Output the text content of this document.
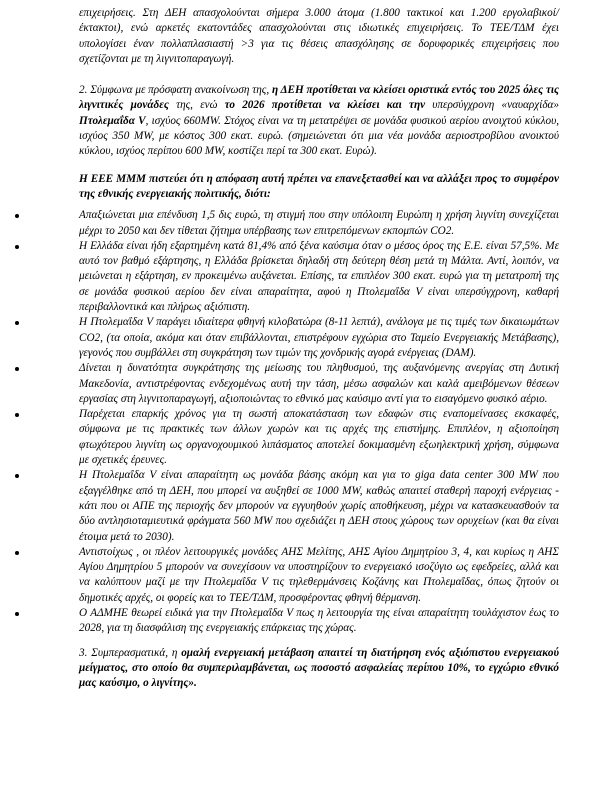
επιχειρήσεις. Στη ΔΕΗ απασχολούνται σήμερα 3.000 άτομα (1.800 τακτικοί και 1.200 εργολαβικοί/έκτακτοι), ενώ αρκετές εκατοντάδες απασχολούνται στις ιδιωτικές επιχειρήσεις. Το ΤΕΕ/ΤΔΜ έχει υπολογίσει έναν πολλαπλασιαστή >3 για τις θέσεις απασχόλησης σε δορυφορικές επιχειρήσεις που σχετίζονται με τη λιγνιτοπαραγωγή.

2. Σύμφωνα με πρόσφατη ανακοίνωση της, η ΔΕΗ προτίθεται να κλείσει οριστικά εντός του 2025 όλες τις λιγνιτικές μονάδες της, ενώ το 2026 προτίθεται να κλείσει και την υπερσύγχρονη «ναυαρχίδα» Πτολεμαΐδα V, ισχύος 660MW. Στόχος είναι να τη μετατρέψει σε μονάδα φυσικού αερίου ανοιχτού κύκλου, ισχύος 350 MW, με κόστος 300 εκατ. ευρώ. (σημειώνεται ότι μια νέα μονάδα αεριοστροβίλου ανοικτού κύκλου, ισχύος περίπου 600 MW, κοστίζει περί τα 300 εκατ. Ευρώ).

Η ΕΕΕ ΜΜΜ πιστεύει ότι η απόφαση αυτή πρέπει να επανεξετασθεί και να αλλάξει προς το συμφέρον της εθνικής ενεργειακής πολιτικής, διότι:

Απαξιώνεται μια επένδυση 1,5 δις ευρώ, τη στιγμή που στην υπόλοιπη Ευρώπη η χρήση λιγνίτη συνεχίζεται μέχρι το 2050 και δεν τίθεται ζήτημα υπέρβασης των επιτρεπόμενων εκπομπών CO2.
Η Ελλάδα είναι ήδη εξαρτημένη κατά 81,4% από ξένα καύσιμα όταν ο μέσος όρος της Ε.Ε. είναι 57,5%. Με αυτό τον βαθμό εξάρτησης, η Ελλάδα βρίσκεται δηλαδή στη δεύτερη θέση μετά τη Μάλτα. Αντί, λοιπόν, να μειώνεται η εξάρτηση, εν προκειμένω αυξάνεται. Επίσης, τα επιπλέον 300 εκατ. ευρώ για τη μετατροπή της σε μονάδα φυσικού αερίου δεν είναι απαραίτητα, αφού η Πτολεμαΐδα V είναι υπερσύγχρονη, καθαρή περιβαλλοντικά και πλήρως αξιόπιστη.
Η Πτολεμαΐδα V παράγει ιδιαίτερα φθηνή κιλοβατώρα (8-11 λεπτά), ανάλογα με τις τιμές των δικαιωμάτων CO2, (τα οποία, ακόμα και όταν επιβάλλονται, επιστρέφουν εγχώρια στο Ταμείο Ενεργειακής Μετάβασης), γεγονός που συμβάλλει στη συγκράτηση των τιμών της χονδρικής αγορά ενέργειας (DAM).
Δίνεται η δυνατότητα συγκράτησης της μείωσης του πληθυσμού, της αυξανόμενης ανεργίας στη Δυτική Μακεδονία, αντιστρέφοντας ενδεχομένως αυτή την τάση, μέσω ασφαλών και καλά αμειβόμενων θέσεων εργασίας στη λιγνιτοπαραγωγή, αξιοποιώντας το εθνικό μας καύσιμο αντί για το εισαγόμενο φυσικό αέριο.
Παρέχεται επαρκής χρόνος για τη σωστή αποκατάσταση των εδαφών στις εναπομείνασες εκσκαφές, σύμφωνα με τις πρακτικές των άλλων χωρών και τις αρχές της επιστήμης. Επιπλέον, η αξιοποίηση φτωχότερου λιγνίτη ως οργανοχουμικού λιπάσματος αποτελεί δοκιμασμένη εξωηλεκτρική χρήση, σύμφωνα με σχετικές έρευνες.
Η Πτολεμαΐδα V είναι απαραίτητη ως μονάδα βάσης ακόμη και για το giga data center 300 MW που εξαγγέλθηκε από τη ΔΕΗ, που μπορεί να αυξηθεί σε 1000 MW, καθώς απαιτεί σταθερή παροχή ενέργειας - κάτι που οι ΑΠΕ της περιοχής δεν μπορούν να εγγυηθούν χωρίς αποθήκευση, μέχρι να κατασκευασθούν τα δύο αντλησιοταμιευτικά φράγματα 560 MW που σχεδιάζει η ΔΕΗ στους χώρους των ορυχείων (και θα είναι έτοιμα μετά το 2030).
Αντιστοίχως , οι πλέον λειτουργικές μονάδες ΑΗΣ Μελίτης, ΑΗΣ Αγίου Δημητρίου 3, 4, και κυρίως η ΑΗΣ Αγίου Δημητρίου 5 μπορούν να συνεχίσουν να υποστηρίζουν το ενεργειακό ισοζύγιο ως εφεδρείες, αλλά και να καλύπτουν μαζί με την Πτολεμαΐδα V τις τηλεθερμάνσεις Κοζάνης και Πτολεμαΐδας, όπως ζητούν οι δημοτικές αρχές, οι φορείς και το ΤΕΕ/ΤΔΜ, προσφέροντας φθηνή θέρμανση.
Ο ΑΔΜΗΕ θεωρεί ειδικά για την Πτολεμαΐδα V πως η λειτουργία της είναι απαραίτητη τουλάχιστον έως το 2028, για τη διασφάλιση της ενεργειακής επάρκειας της χώρας.

3. Συμπερασματικά, η ομαλή ενεργειακή μετάβαση απαιτεί τη διατήρηση ενός αξιόπιστου ενεργειακού μείγματος, στο οποίο θα συμπεριλαμβάνεται, ως ποσοστό ασφαλείας περίπου 10%, το εγχώριο εθνικό μας καύσιμο, ο λιγνίτης».
